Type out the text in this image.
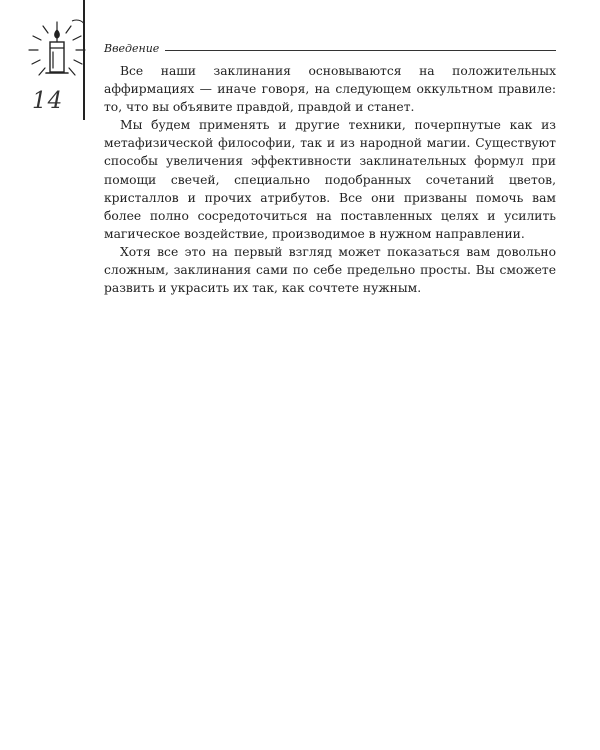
14
Введение

Все наши заклинания основываются на положительных аффирмациях — иначе говоря, на следующем оккультном правиле: то, что вы объявите правдой, правдой и станет.

Мы будем применять и другие техники, почерпнутые как из метафизической философии, так и из народной магии. Существуют способы увеличения эффективности заклинательных формул при помощи свечей, специально подобранных сочетаний цветов, кристаллов и прочих атрибутов. Все они призваны помочь вам более полно сосредоточиться на поставленных целях и усилить магическое воздействие, производимое в нужном направлении.

Хотя все это на первый взгляд может показаться вам довольно сложным, заклинания сами по себе предельно просты. Вы сможете развить и украсить их так, как сочтете нужным.
